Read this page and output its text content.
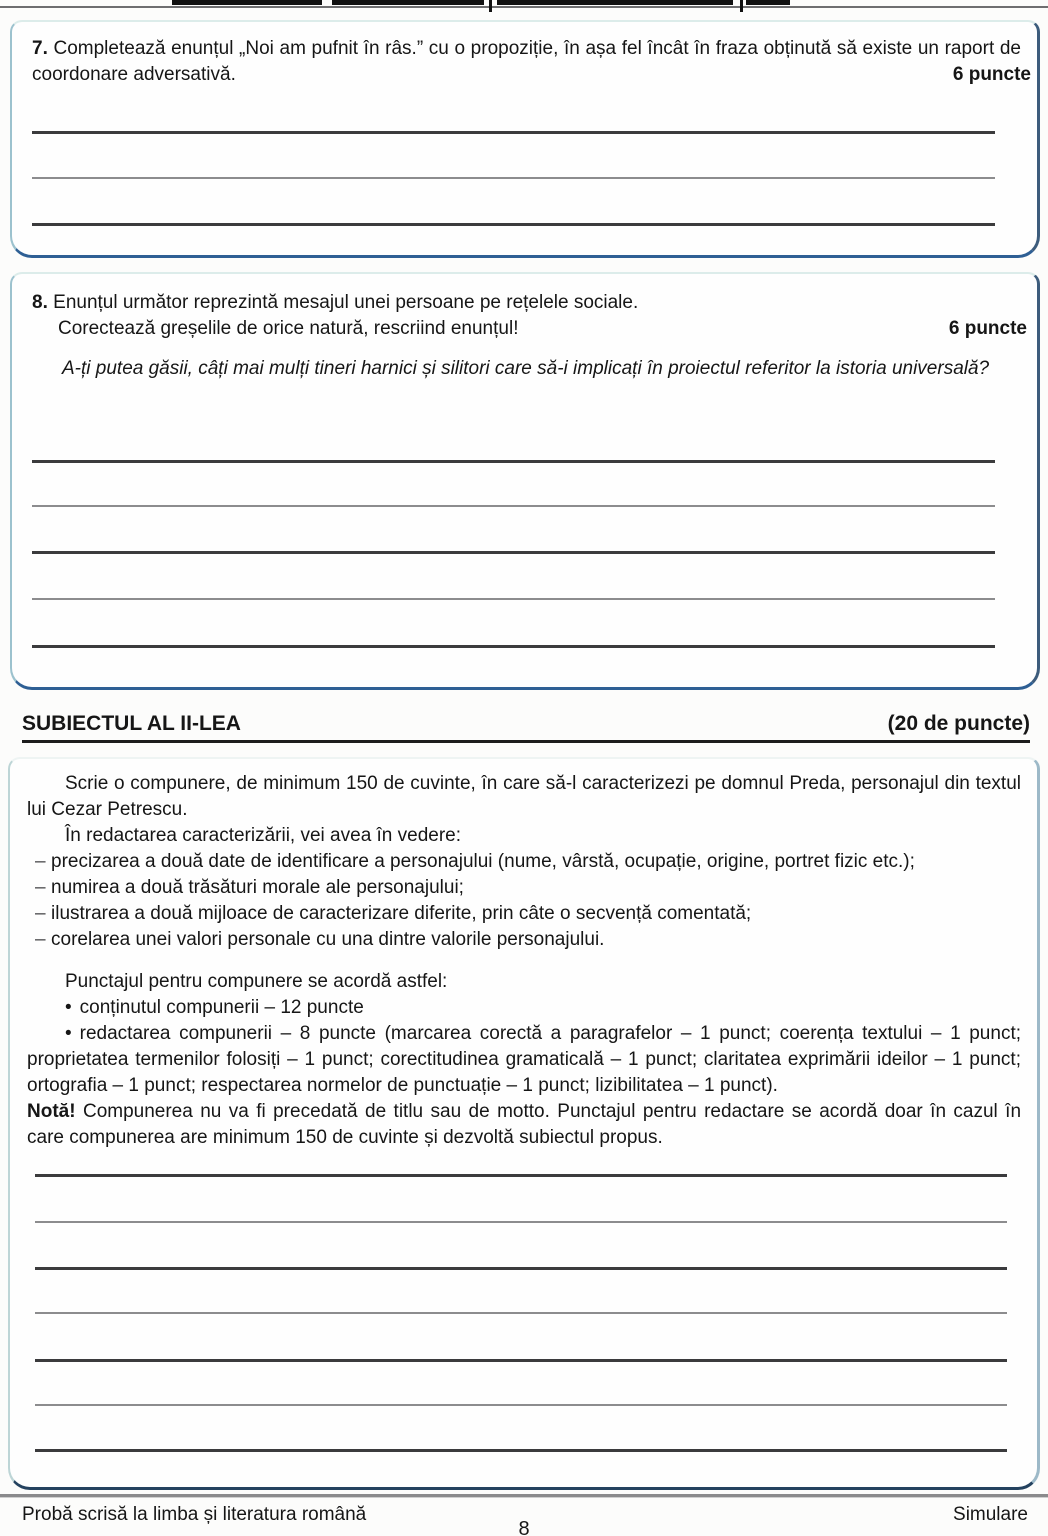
7. Completează enunțul „Noi am pufnit în râs.” cu o propoziție, în așa fel încât în fraza obținută să existe un raport de coordonare adversativă.	6 puncte

8. Enunțul următor reprezintă mesajul unei persoane pe rețelele sociale.

Corectează greșelile de orice natură, rescriind enunțul!	6 puncte

A-ți putea găsii, câți mai mulți tineri harnici și silitori care să-i implicați în proiectul referitor la istoria universală?

SUBIECTUL AL II-LEA	(20 de puncte)

Scrie o compunere, de minimum 150 de cuvinte, în care să-l caracterizezi pe domnul Preda, personajul din textul lui Cezar Petrescu.

În redactarea caracterizării, vei avea în vedere:

– precizarea a două date de identificare a personajului (nume, vârstă, ocupație, origine, portret fizic etc.);
– numirea a două trăsături morale ale personajului;
– ilustrarea a două mijloace de caracterizare diferite, prin câte o secvență comentată;
– corelarea unei valori personale cu una dintre valorile personajului.

Punctajul pentru compunere se acordă astfel:

• conținutul compunerii – 12 puncte

• redactarea compunerii – 8 puncte (marcarea corectă a paragrafelor – 1 punct; coerența textului – 1 punct; proprietatea termenilor folosiți – 1 punct; corectitudinea gramaticală – 1 punct; claritatea exprimării ideilor – 1 punct; ortografia – 1 punct; respectarea normelor de punctuație – 1 punct; lizibilitatea – 1 punct).

Notă! Compunerea nu va fi precedată de titlu sau de motto. Punctajul pentru redactare se acordă doar în cazul în care compunerea are minimum 150 de cuvinte și dezvoltă subiectul propus.

Probă scrisă la limba și literatura română	Simulare
8
